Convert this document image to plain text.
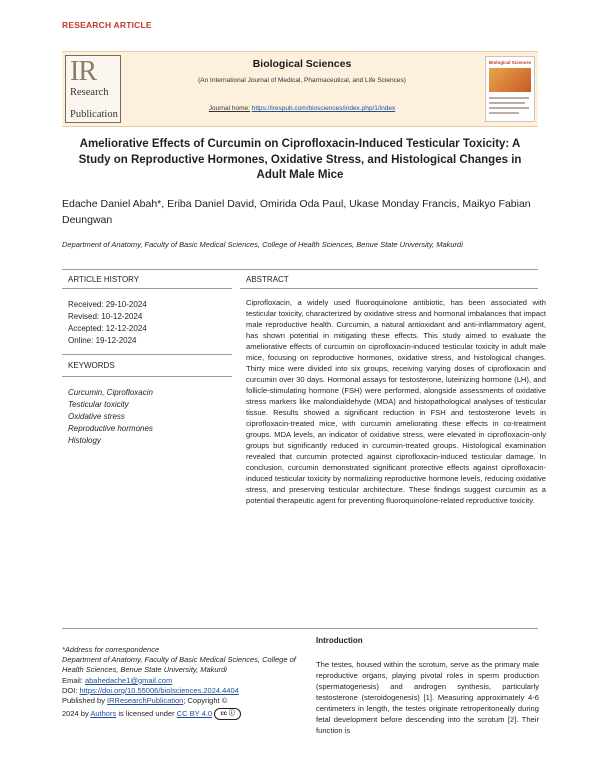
RESEARCH ARTICLE
IR
Research
Publication
Biological Sciences
(An International Journal of Medical, Pharmaceutical, and Life Sciences)
Journal home: https://irespub.com/biosciences/index.php/1/index
Biological Sciences
Ameliorative Effects of Curcumin on Ciprofloxacin-Induced Testicular Toxicity: A Study on Reproductive Hormones, Oxidative Stress, and Histological Changes in Adult Male Mice
Edache Daniel Abah*, Eriba Daniel David, Omirida Oda Paul, Ukase Monday Francis, Maikyo Fabian Deungwan
Department of Anatomy, Faculty of Basic Medical Sciences, College of Health Sciences, Benue State University, Makurdi
ARTICLE HISTORY
Received: 29-10-2024
Revised: 10-12-2024
Accepted: 12-12-2024
Online: 19-12-2024
KEYWORDS
Curcumin, Ciprofloxacin
Testicular toxicity
Oxidative stress
Reproductive hormones
Histology
ABSTRACT
Ciprofloxacin, a widely used fluoroquinolone antibiotic, has been associated with testicular toxicity, characterized by oxidative stress and hormonal imbalances that impact male reproductive health. Curcumin, a natural antioxidant and anti-inflammatory agent, has shown potential in mitigating these effects. This study aimed to evaluate the ameliorative effects of curcumin on ciprofloxacin-induced testicular toxicity in adult male mice, focusing on reproductive hormones, oxidative stress, and histological changes. Thirty mice were divided into six groups, receiving varying doses of ciprofloxacin and curcumin over 30 days. Hormonal assays for testosterone, luteinizing hormone (LH), and follicle-stimulating hormone (FSH) were performed, alongside assessments of oxidative stress markers like malondialdehyde (MDA) and histopathological analyses of testicular tissue. Results showed a significant reduction in FSH and testosterone levels in ciprofloxacin-treated mice, with curcumin ameliorating these effects in co-treatment groups. MDA levels, an indicator of oxidative stress, were elevated in ciprofloxacin-only groups but significantly reduced in curcumin-treated groups. Histological examination revealed that curcumin protected against ciprofloxacin-induced testicular damage. In conclusion, curcumin demonstrated significant protective effects against ciprofloxacin-induced testicular toxicity by normalizing reproductive hormone levels, reducing oxidative stress, and preserving testicular architecture. These findings suggest curcumin as a potential therapeutic agent for preventing fluoroquinolone-related reproductive toxicity.
*Address for correspondence
Department of Anatomy, Faculty of Basic Medical Sciences, College of Health Sciences, Benue State University, Makurdi
Email: abahedache1@gmail.com
DOI: https://doi.org/10.55006/biolsciences.2024.4404
Published by IRResearchPublication; Copyright ©
2024 by Authors is licensed under CC BY 4.0 cc ⓘ
Introduction
The testes, housed within the scrotum, serve as the primary male reproductive organs, playing pivotal roles in sperm production (spermatogenesis) and androgen synthesis, particularly testosterone (steroidogenesis) [1]. Measuring approximately 4-6 centimeters in length, the testes originate retroperitoneally during fetal development before descending into the scrotum [2]. Their function is
